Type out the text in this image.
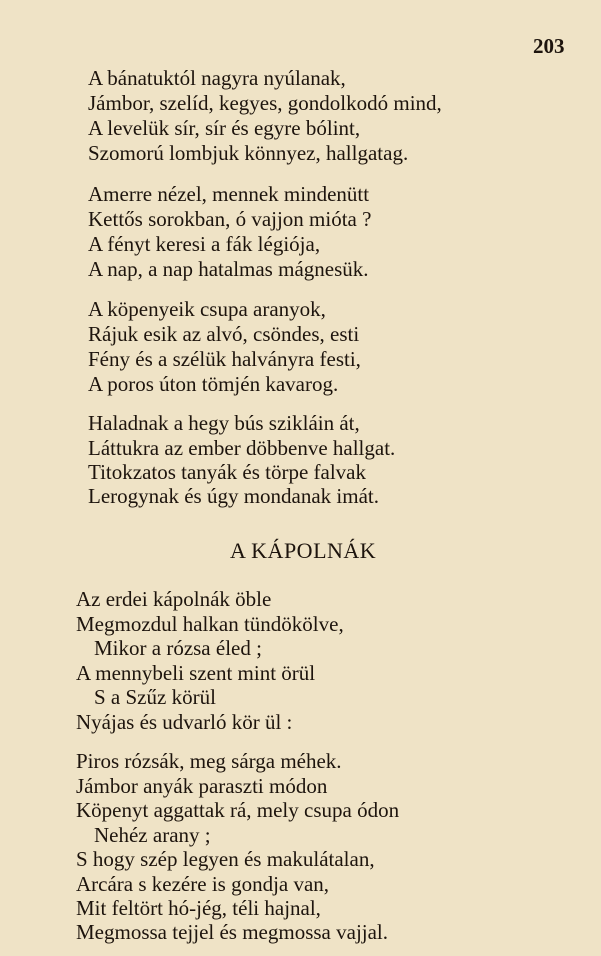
203
A bánatuktól nagyra nyúlanak,
Jámbor, szelíd, kegyes, gondolkodó mind,
A levelük sír, sír és egyre bólint,
Szomorú lombjuk könnyez, hallgatag.
Amerre nézel, mennek mindenütt
Kettős sorokban, ó vajjon mióta ?
A fényt keresi a fák légiója,
A nap, a nap hatalmas mágnesük.
A köpenyeik csupa aranyok,
Rájuk esik az alvó, csöndes, esti
Fény és a szélük halványra festi,
A poros úton tömjén kavarog.
Haladnak a hegy bús szikláin át,
Láttukra az ember döbbenve hallgat.
Titokzatos tanyák és törpe falvak
Lerogynak és úgy mondanak imát.
A KÁPOLNÁK
Az erdei kápolnák öble
Megmozdul halkan tündökölve,
Mikor a rózsa éled ;
A mennybeli szent mint örül
S a Szűz körül
Nyájas és udvarló kör ül :
Piros rózsák, meg sárga méhek.
Jámbor anyák paraszti módon
Köpenyt aggattak rá, mely csupa ódon
Nehéz arany ;
S hogy szép legyen és makulátalan,
Arcára s kezére is gondja van,
Mit feltört hó-jég, téli hajnal,
Megmossa tejjel és megmossa vajjal.
